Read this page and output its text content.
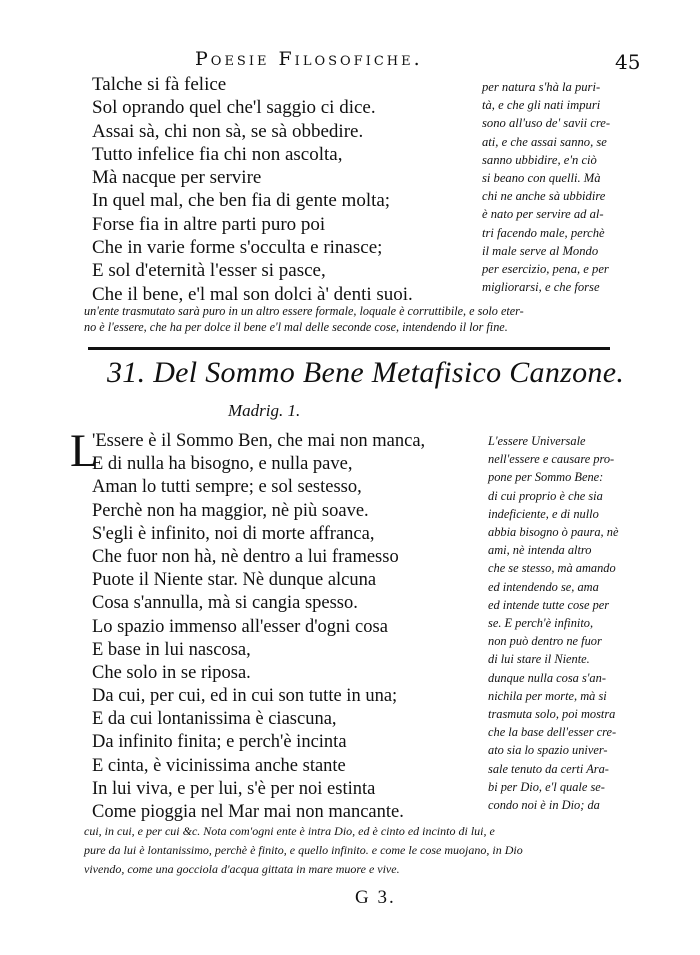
Poesie Filosofiche.	45
Talche si fà felice
Sol oprando quel che'l saggio ci dice.
Assai sà, chi non sà, se sà obbedire.
Tutto infelice fia chi non ascolta,
Mà nacque per servire
In quel mal, che ben fia di gente molta;
Forse fia in altre parti puro poi
Che in varie forme s'occulta e rinasce;
E sol d'eternità l'esser si pasce,
Che il bene, e'l mal son dolci à' denti suoi.
per natura s'hà la puri-
tà, e che gli nati impuri
sono all'uso de' savii cre-
ati, e che assai sanno, se
sanno ubbidire, e'n ciò
si beano con quelli. Mà
chi ne anche sà ubbidire
è nato per servire ad al-
tri facendo male, perchè
il male serve al Mondo
per esercizio, pena, e per
migliorarsi, e che forse
un'ente trasmutato sarà puro in un altro essere formale, loquale è corruttibile, e solo eter-
no è l'essere, che ha per dolce il bene e'l mal delle seconde cose, intendendo il lor fine.
31. Del Sommo Bene Metafisico Canzone.
Madrig. 1.
L
'Essere è il Sommo Ben, che mai non manca,
E di nulla ha bisogno, e nulla pave,
Aman lo tutti sempre; e sol sestesso,
Perchè non ha maggior, nè più soave.
S'egli è infinito, noi di morte affranca,
Che fuor non hà, nè dentro a lui framesso
Puote il Niente star. Nè dunque alcuna
Cosa s'annulla, mà si cangia spesso.
Lo spazio immenso all'esser d'ogni cosa
E base in lui nascosa,
Che solo in se riposa.
Da cui, per cui, ed in cui son tutte in una;
E da cui lontanissima è ciascuna,
Da infinito finita; e perch'è incinta
E cinta, è vicinissima anche stante
In lui viva, e per lui, s'è per noi estinta
Come pioggia nel Mar mai non mancante.
L'essere Universale
nell'essere e causare pro-
pone per Sommo Bene:
di cui proprio è che sia
indeficiente, e di nullo
abbia bisogno ò paura, nè
ami, nè intenda altro
che se stesso, mà amando
ed intendendo se, ama
ed intende tutte cose per
se. E perch'è infinito,
non può dentro ne fuor
di lui stare il Niente.
dunque nulla cosa s'an-
nichila per morte, mà si
trasmuta solo, poi mostra
che la base dell'esser cre-
ato sia lo spazio univer-
sale tenuto da certi Ara-
bi per Dio, e'l quale se-
condo noi è in Dio; da
cui, in cui, e per cui &c. Nota com'ogni ente è intra Dio, ed è cinto ed incinto di lui, e
pure da lui è lontanissimo, perchè è finito, e quello infinito. e come le cose muojano, in Dio
vivendo, come una gocciola d'acqua gittata in mare muore e vive.
G 3.
